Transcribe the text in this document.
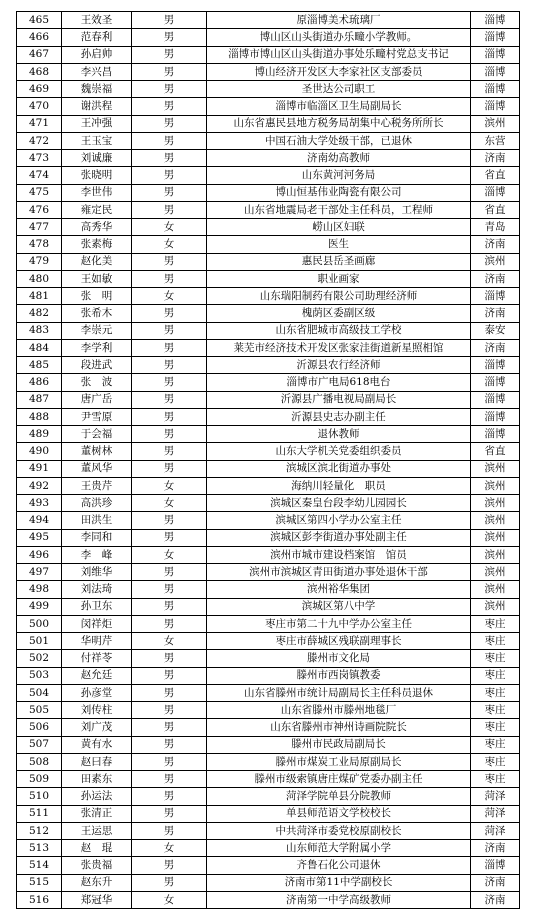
465	王效圣	男	原淄博美术琉璃厂	淄博
466	范春利	男	博山区山头街道办乐疃小学教师。	淄博
467	孙启帅	男	淄博市博山区山头街道办事处乐疃村党总支书记	淄博
468	李兴昌	男	博山经济开发区大李家社区支部委员	淄博
469	魏崇福	男	圣世达公司职工	淄博
470	谢洪程	男	淄博市临淄区卫生局副局长	淄博
471	王冲强	男	山东省惠民县地方税务局胡集中心税务所所长	滨州
472	王玉宝	男	中国石油大学处级干部，已退休	东营
473	刘诚廉	男	济南幼高教师	济南
474	张晓明	男	山东黄河河务局	省直
475	李世伟	男	博山恒基伟业陶瓷有限公司	淄博
476	雍定民	男	山东省地震局老干部处主任科员，工程师	省直
477	高秀华	女	崂山区妇联	青岛
478	张素梅	女	医生	济南
479	赵化美	男	惠民县岳圣画廊	滨州
480	王如敏	男	职业画家	济南
481	张　明	女	山东瑞阳制药有限公司助理经济师	淄博
482	张希木	男	槐荫区委副区级	济南
483	李崇元	男	山东省肥城市高级技工学校	泰安
484	李学利	男	莱芜市经济技术开发区张家洼街道新星照相馆	济南
485	段进武	男	沂源县农行经济师	淄博
486	张　波	男	淄博市广电局618电台	淄博
487	唐广岳	男	沂源县广播电视局副局长	淄博
488	尹雪原	男	沂源县史志办副主任	淄博
489	于会福	男	退休教师	淄博
490	董树林	男	山东大学机关党委组织委员	省直
491	董风华	男	滨城区滨北街道办事处	滨州
492	王贵芹	女	海纳川轻量化　职员	滨州
493	高洪珍	女	滨城区秦皇台段李幼儿园园长	滨州
494	田洪生	男	滨城区第四小学办公室主任	滨州
495	李同和	男	滨城区彭李街道办事处副主任	滨州
496	李　峰	女	滨州市城市建设档案馆　馆员	滨州
497	刘维华	男	滨州市滨城区青田街道办事处退休干部	滨州
498	刘法琦	男	滨州裕华集团	滨州
499	孙卫东	男	滨城区第八中学	滨州
500	闵祥炬	男	枣庄市第二十九中学办公室主任	枣庄
501	华明芹	女	枣庄市薛城区残联副理事长	枣庄
502	付祥苓	男	滕州市文化局	枣庄
503	赵允廷	男	滕州市西岗镇教委	枣庄
504	孙彦堂	男	山东省滕州市统计局副局长主任科员退休	枣庄
505	刘传柱	男	山东省滕州市滕州地毯厂	枣庄
506	刘广茂	男	山东省滕州市神州诗画院院长	枣庄
507	黄有水	男	滕州市民政局副局长	枣庄
508	赵曰春	男	滕州市煤炭工业局原副局长	枣庄
509	田素东	男	滕州市级索镇唐庄煤矿党委办副主任	枣庄
510	孙运法	男	菏泽学院单县分院教师	菏泽
511	张清正	男	单县师范语文学校校长	菏泽
512	王运思	男	中共菏泽市委党校原副校长	菏泽
513	赵　琨	女	山东师范大学附属小学	济南
514	张贵福	男	齐鲁石化公司退休	淄博
515	赵东升	男	济南市第11中学副校长	济南
516	郑冠华	女	济南第一中学高级教师	济南
